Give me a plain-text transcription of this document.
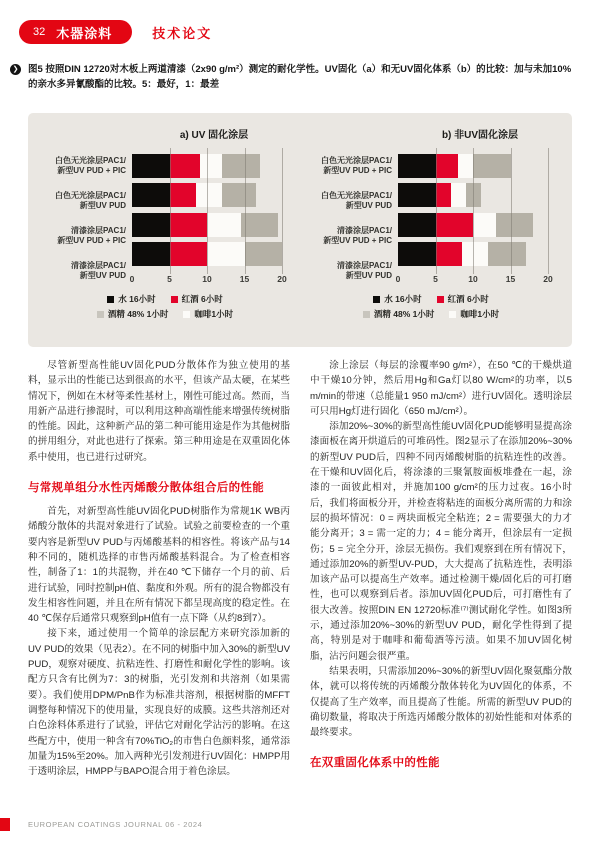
32 木器涂料	技术论文
❯ 图5 按照DIN 12720对木板上两道清漆（2x90 g/m²）测定的耐化学性。UV固化（a）和无UV固化体系（b）的比较：加与未加10%的亲水多异氰酸酯的比较。5：最好，1：最差

a) UV 固化涂层
白色无光涂层PAC1/
新型UV PUD + PIC
白色无光涂层PAC1/
新型UV PUD
清漆涂层PAC1/
新型UV PUD + PIC
清漆涂层PAC1/
新型UV PUD 0	5	10	15	20
水 16小时	红酒 6小时
酒精 48% 1小时	咖啡1小时
b) 非UV固化涂层
白色无光涂层PAC1/
新型UV PUD + PIC
白色无光涂层PAC1/
新型UV PUD
清漆涂层PAC1/
新型UV PUD + PIC
清漆涂层PAC1/
新型UV PUD 0	5	10	15	20
水 16小时	红酒 6小时
酒精 48% 1小时	咖啡1小时

尽管新型高性能UV固化PUD分散体作为独立使用的基料，显示出的性能已达到很高的水平，但该产品太硬，在某些情况下，例如在木材等柔性基材上，刚性可能过高。然而，当用新产品进行掺混时，可以利用这种高端性能来增强传统树脂的性能。因此，这种新产品的第二种可能用途是作为其他树脂的拼用组分，对此也进行了探索。第三种用途是在双重固化体系中使用，也已进行过研究。

与常规单组分水性丙烯酸分散体组合后的性能

首先，对新型高性能UV固化PUD树脂作为常规1K WB丙烯酸分散体的共混对象进行了试验。试验之前要检查的一个重要内容是新型UV PUD与丙烯酸基料的相容性。将该产品与14种不同的，随机选择的市售丙烯酸基料混合。为了检查相容性，制备了1：1的共混物，并在40 ℃下储存一个月的前、后进行试验，同时控制pH值、黏度和外观。所有的混合物都没有发生相容性问题，并且在所有情况下都呈现高度的稳定性。在40 ℃保存后通常只观察到pH值有一点下降（从约8到7）。

接下来，通过使用一个简单的涂层配方来研究添加新的UV PUD的效果（见表2）。在不同的树脂中加入30%的新型UV PUD，观察对硬度、抗粘连性、打磨性和耐化学性的影响。该配方只含有比例为7：3的树脂，光引发剂和共溶剂（如果需要）。我们使用DPM/PnB作为标准共溶剂，根据树脂的MFFT调整每种情况下的使用量，实现良好的成膜。这些共溶剂还对白色涂料体系进行了试验，评估它对耐化学沾污的影响。在这些配方中，使用一种含有70%TiO₂的市售白色颜料浆，通常添加量为15%至20%。加入两种光引发剂进行UV固化：HMPP用于透明涂层，HMPP与BAPO混合用于着色涂层。

涂上涂层（每层的涂覆率90 g/m²），在50 ℃的干燥烘道中干燥10分钟，然后用Hg和Ga灯以80 W/cm²的功率，以5 m/min的带速（总能量1 950 mJ/cm²）进行UV固化。透明涂层可只用Hg灯进行固化（650 mJ/cm²）。

添加20%~30%的新型高性能UV固化PUD能够明显提高涂漆面板在离开烘道后的可堆码性。图2显示了在添加20%~30%的新型UV PUD后，四种不同丙烯酸树脂的抗粘连性的改善。在干燥和UV固化后，将涂漆的三聚氰胺面板堆叠在一起，涂漆的一面彼此相对，并施加100 g/cm²的压力过夜。16小时后，我们将面板分开，并检查将粘连的面板分离所需的力和涂层的损坏情况：0 = 两块面板完全粘连；2 = 需要强大的力才能分离开；3 = 需一定的力；4 = 能分离开，但涂层有一定损伤；5 = 完全分开，涂层无损伤。我们观察到在所有情况下，通过添加20%的新型UV-PUD，大大提高了抗粘连性，表明添加该产品可以提高生产效率。通过检测干燥/固化后的可打磨性，也可以观察到后者。添加UV固化PUD后，可打磨性有了很大改善。按照DIN EN 12720标准⁽⁷⁾测试耐化学性。如图3所示，通过添加20%~30%的新型UV PUD，耐化学性得到了提高，特别是对于咖啡和葡萄酒等污渍。如果不加UV固化树脂，沾污问题会很严重。

结果表明，只需添加20%~30%的新型UV固化聚氨酯分散体，就可以将传统的丙烯酸分散体转化为UV固化的体系，不仅提高了生产效率，而且提高了性能。所需的新型UV PUD的确切数量，将取决于所选丙烯酸分散体的初始性能和对体系的最终要求。

在双重固化体系中的性能
EUROPEAN COATINGS JOURNAL 06 - 2024
